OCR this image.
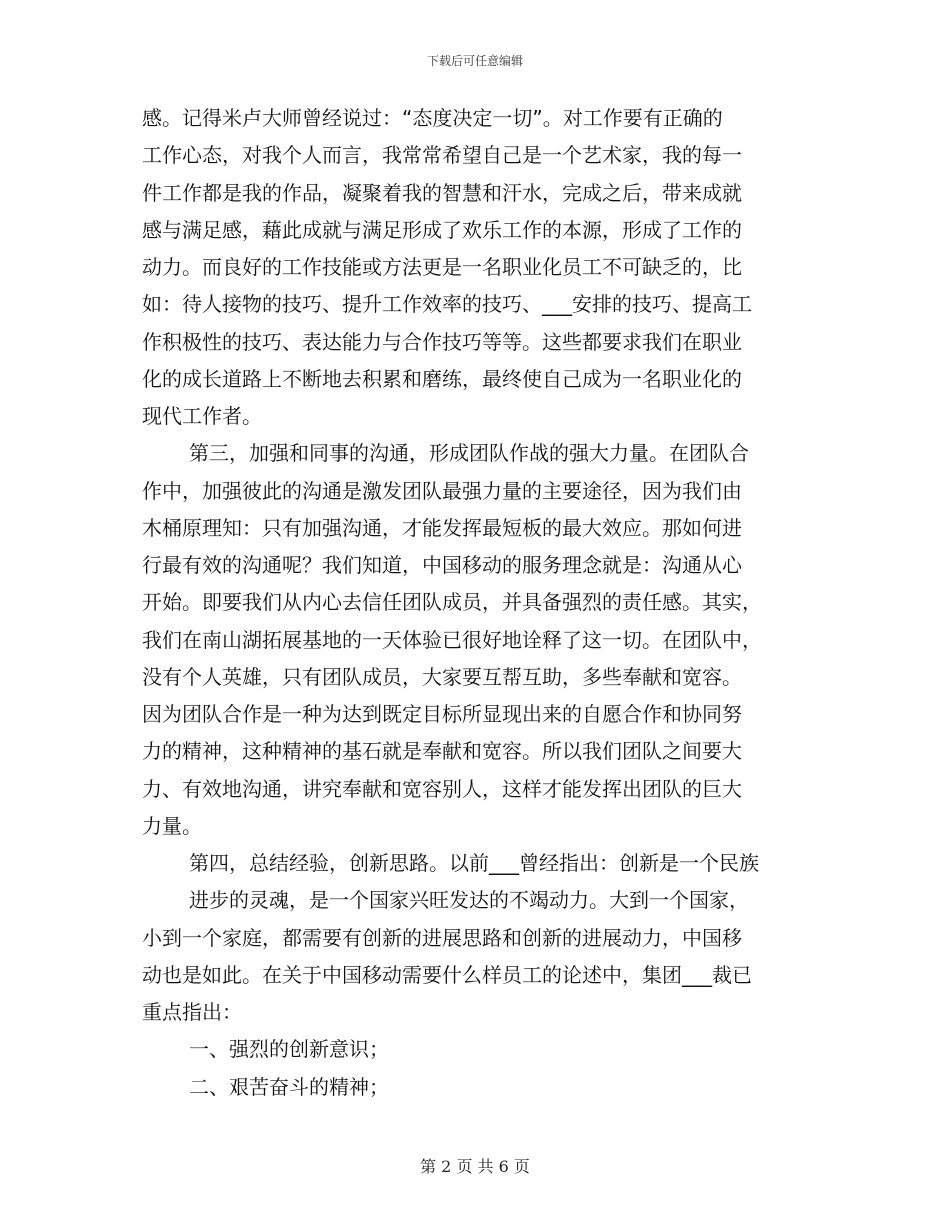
下载后可任意编辑
感。记得米卢大师曾经说过：“态度决定一切”。对工作要有正确的
工作心态，对我个人而言，我常常希望自己是一个艺术家，我的每一
件工作都是我的作品，凝聚着我的智慧和汗水，完成之后，带来成就
感与满足感，藉此成就与满足形成了欢乐工作的本源，形成了工作的
动力。而良好的工作技能或方法更是一名职业化员工不可缺乏的，比
如：待人接物的技巧、提升工作效率的技巧、___安排的技巧、提高工
作积极性的技巧、表达能力与合作技巧等等。这些都要求我们在职业
化的成长道路上不断地去积累和磨练，最终使自己成为一名职业化的
现代工作者。
第三，加强和同事的沟通，形成团队作战的强大力量。在团队合
作中，加强彼此的沟通是激发团队最强力量的主要途径，因为我们由
木桶原理知：只有加强沟通，才能发挥最短板的最大效应。那如何进
行最有效的沟通呢？我们知道，中国移动的服务理念就是：沟通从心
开始。即要我们从内心去信任团队成员，并具备强烈的责任感。其实，
我们在南山湖拓展基地的一天体验已很好地诠释了这一切。在团队中，
没有个人英雄，只有团队成员，大家要互帮互助，多些奉献和宽容。
因为团队合作是一种为达到既定目标所显现出来的自愿合作和协同努
力的精神，这种精神的基石就是奉献和宽容。所以我们团队之间要大
力、有效地沟通，讲究奉献和宽容别人，这样才能发挥出团队的巨大
力量。
第四，总结经验，创新思路。以前___曾经指出：创新是一个民族
进步的灵魂，是一个国家兴旺发达的不竭动力。大到一个国家，
小到一个家庭，都需要有创新的进展思路和创新的进展动力，中国移
动也是如此。在关于中国移动需要什么样员工的论述中，集团___裁已
重点指出：
一、强烈的创新意识；
二、艰苦奋斗的精神；
第 2 页 共 6 页
